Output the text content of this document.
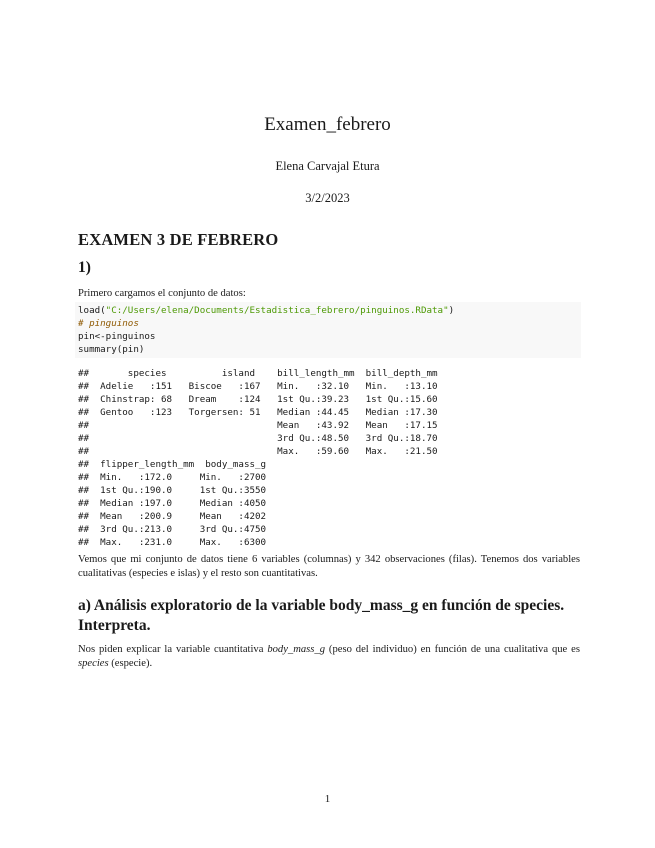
Examen_febrero
Elena Carvajal Etura
3/2/2023
EXAMEN 3 DE FEBRERO
1)
Primero cargamos el conjunto de datos:
load("C:/Users/elena/Documents/Estadistica_febrero/pinguinos.RData")
# pinguinos
pin<-pinguinos
summary(pin)
##       species          island    bill_length_mm  bill_depth_mm
##  Adelie   :151   Biscoe   :167   Min.   :32.10   Min.   :13.10
##  Chinstrap: 68   Dream    :124   1st Qu.:39.23   1st Qu.:15.60
##  Gentoo   :123   Torgersen: 51   Median :44.45   Median :17.30
##                                  Mean   :43.92   Mean   :17.15
##                                  3rd Qu.:48.50   3rd Qu.:18.70
##                                  Max.   :59.60   Max.   :21.50
##  flipper_length_mm  body_mass_g
##  Min.   :172.0     Min.   :2700
##  1st Qu.:190.0     1st Qu.:3550
##  Median :197.0     Median :4050
##  Mean   :200.9     Mean   :4202
##  3rd Qu.:213.0     3rd Qu.:4750
##  Max.   :231.0     Max.   :6300
Vemos que mi conjunto de datos tiene 6 variables (columnas) y 342 observaciones (filas). Tenemos dos variables cualitativas (especies e islas) y el resto son cuantitativas.
a) Análisis exploratorio de la variable body_mass_g en función de species. Interpreta.
Nos piden explicar la variable cuantitativa body_mass_g (peso del individuo) en función de una cualitativa que es species (especie).
1
